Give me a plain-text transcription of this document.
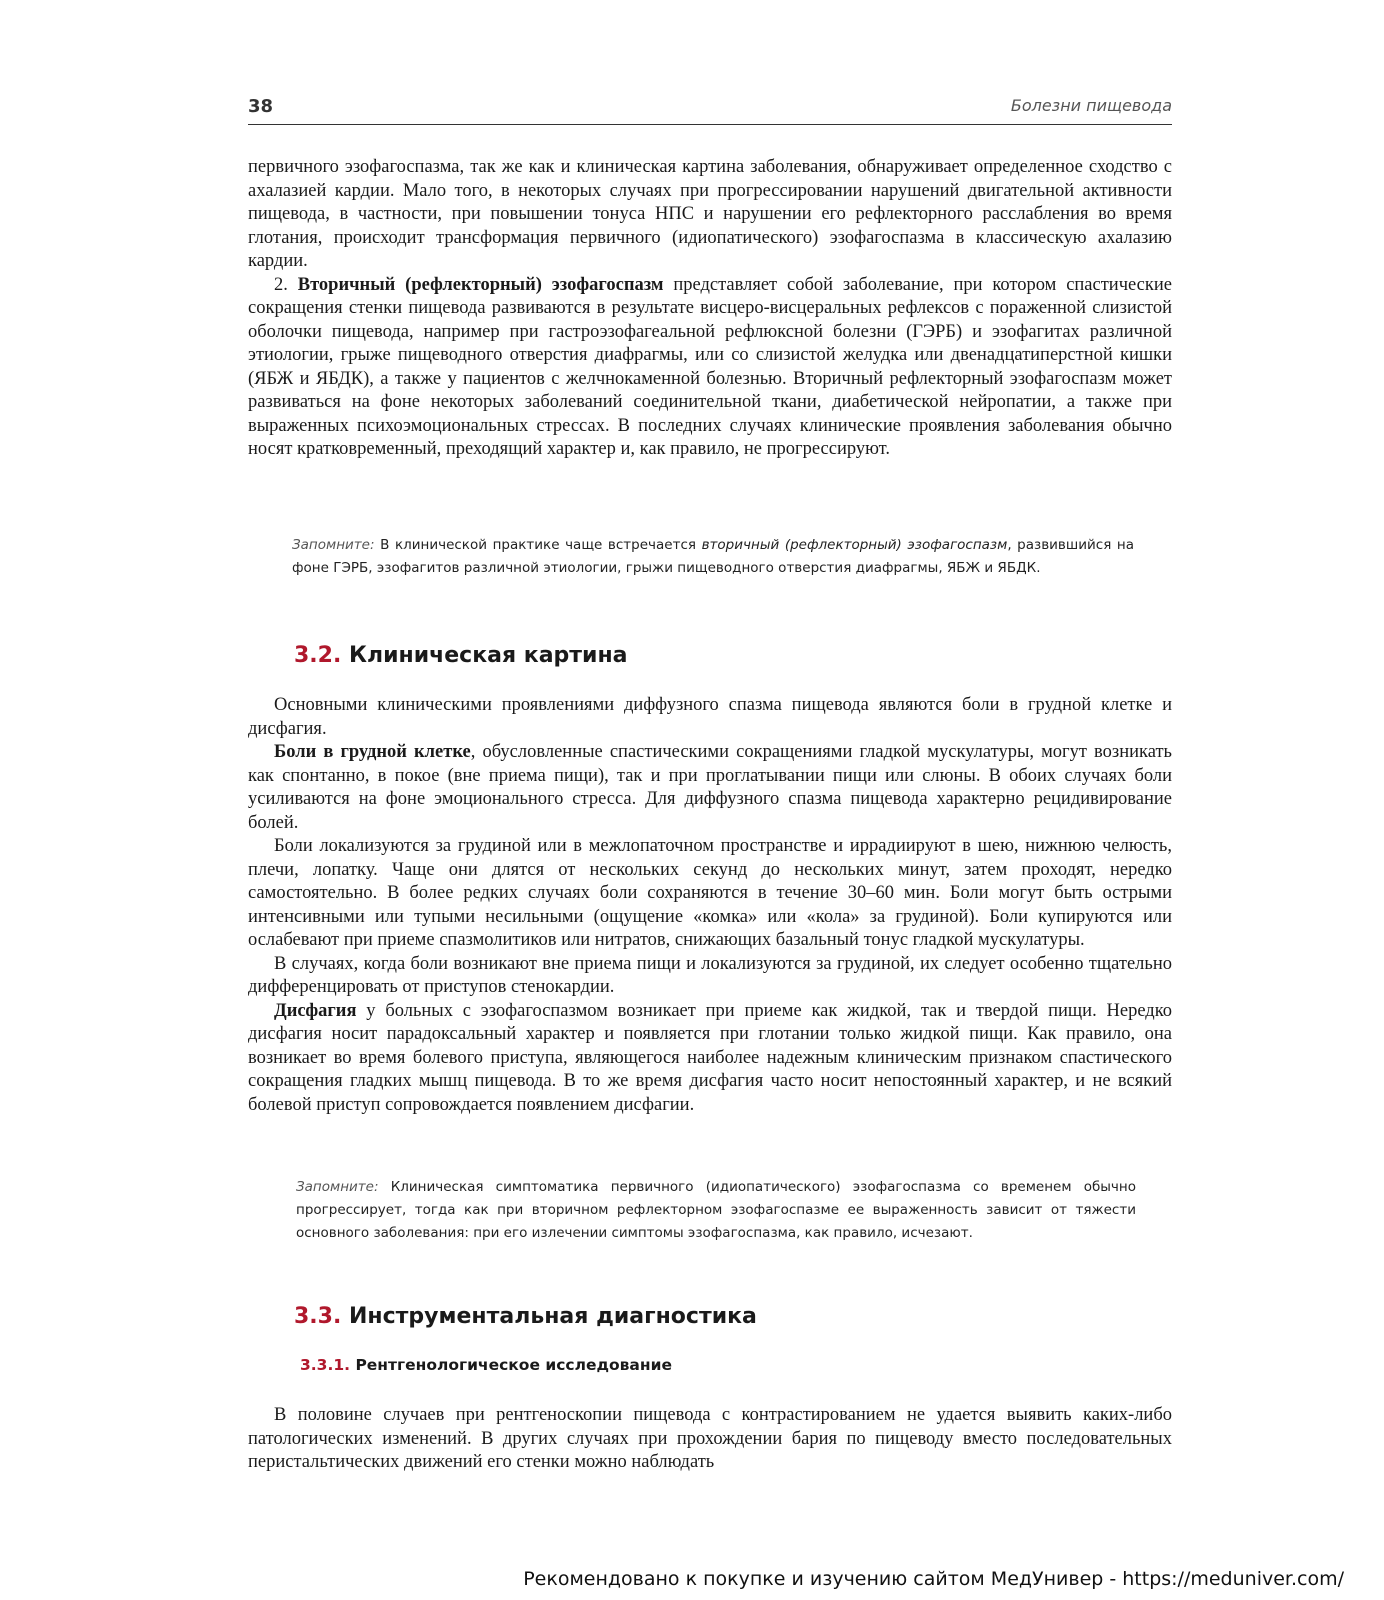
38	Болезни пищевода

первичного эзофагоспазма, так же как и клиническая картина заболевания, обнаруживает определенное сходство с ахалазией кардии. Мало того, в некоторых случаях при прогрессировании нарушений двигательной активности пищевода, в частности, при повышении тонуса НПС и нарушении его рефлекторного расслабления во время глотания, происходит трансформация первичного (идиопатического) эзофагоспазма в классическую ахалазию кардии.

2. Вторичный (рефлекторный) эзофагоспазм представляет собой заболевание, при котором спастические сокращения стенки пищевода развиваются в результате висцеро-висцеральных рефлексов с пораженной слизистой оболочки пищевода, например при гастроэзофагеальной рефлюксной болезни (ГЭРБ) и эзофагитах различной этиологии, грыже пищеводного отверстия диафрагмы, или со слизистой желудка или двенадцатиперстной кишки (ЯБЖ и ЯБДК), а также у пациентов с желчнокаменной болезнью. Вторичный рефлекторный эзофагоспазм может развиваться на фоне некоторых заболеваний соединительной ткани, диабетической нейропатии, а также при выраженных психоэмоциональных стрессах. В последних случаях клинические проявления заболевания обычно носят кратковременный, преходящий характер и, как правило, не прогрессируют.

Запомните: В клинической практике чаще встречается вторичный (рефлекторный) эзофагоспазм, развившийся на фоне ГЭРБ, эзофагитов различной этиологии, грыжи пищеводного отверстия диафрагмы, ЯБЖ и ЯБДК.
3.2. Клиническая картина

Основными клиническими проявлениями диффузного спазма пищевода являются боли в грудной клетке и дисфагия.

Боли в грудной клетке, обусловленные спастическими сокращениями гладкой мускулатуры, могут возникать как спонтанно, в покое (вне приема пищи), так и при проглатывании пищи или слюны. В обоих случаях боли усиливаются на фоне эмоционального стресса. Для диффузного спазма пищевода характерно рецидивирование болей.

Боли локализуются за грудиной или в межлопаточном пространстве и иррадиируют в шею, нижнюю челюсть, плечи, лопатку. Чаще они длятся от нескольких секунд до нескольких минут, затем проходят, нередко самостоятельно. В более редких случаях боли сохраняются в течение 30–60 мин. Боли могут быть острыми интенсивными или тупыми несильными (ощущение «комка» или «кола» за грудиной). Боли купируются или ослабевают при приеме спазмолитиков или нитратов, снижающих базальный тонус гладкой мускулатуры.

В случаях, когда боли возникают вне приема пищи и локализуются за грудиной, их следует особенно тщательно дифференцировать от приступов стенокардии.

Дисфагия у больных с эзофагоспазмом возникает при приеме как жидкой, так и твердой пищи. Нередко дисфагия носит парадоксальный характер и появляется при глотании только жидкой пищи. Как правило, она возникает во время болевого приступа, являющегося наиболее надежным клиническим признаком спастического сокращения гладких мышц пищевода. В то же время дисфагия часто носит непостоянный характер, и не всякий болевой приступ сопровождается появлением дисфагии.

Запомните: Клиническая симптоматика первичного (идиопатического) эзофагоспазма со временем обычно прогрессирует, тогда как при вторичном рефлекторном эзофагоспазме ее выраженность зависит от тяжести основного заболевания: при его излечении симптомы эзофагоспазма, как правило, исчезают.
3.3. Инструментальная диагностика
3.3.1. Рентгенологическое исследование

В половине случаев при рентгеноскопии пищевода с контрастированием не удается выявить каких-либо патологических изменений. В других случаях при прохождении бария по пищеводу вместо последовательных перистальтических движений его стенки можно наблюдать

Рекомендовано к покупке и изучению сайтом МедУнивер - https://meduniver.com/
